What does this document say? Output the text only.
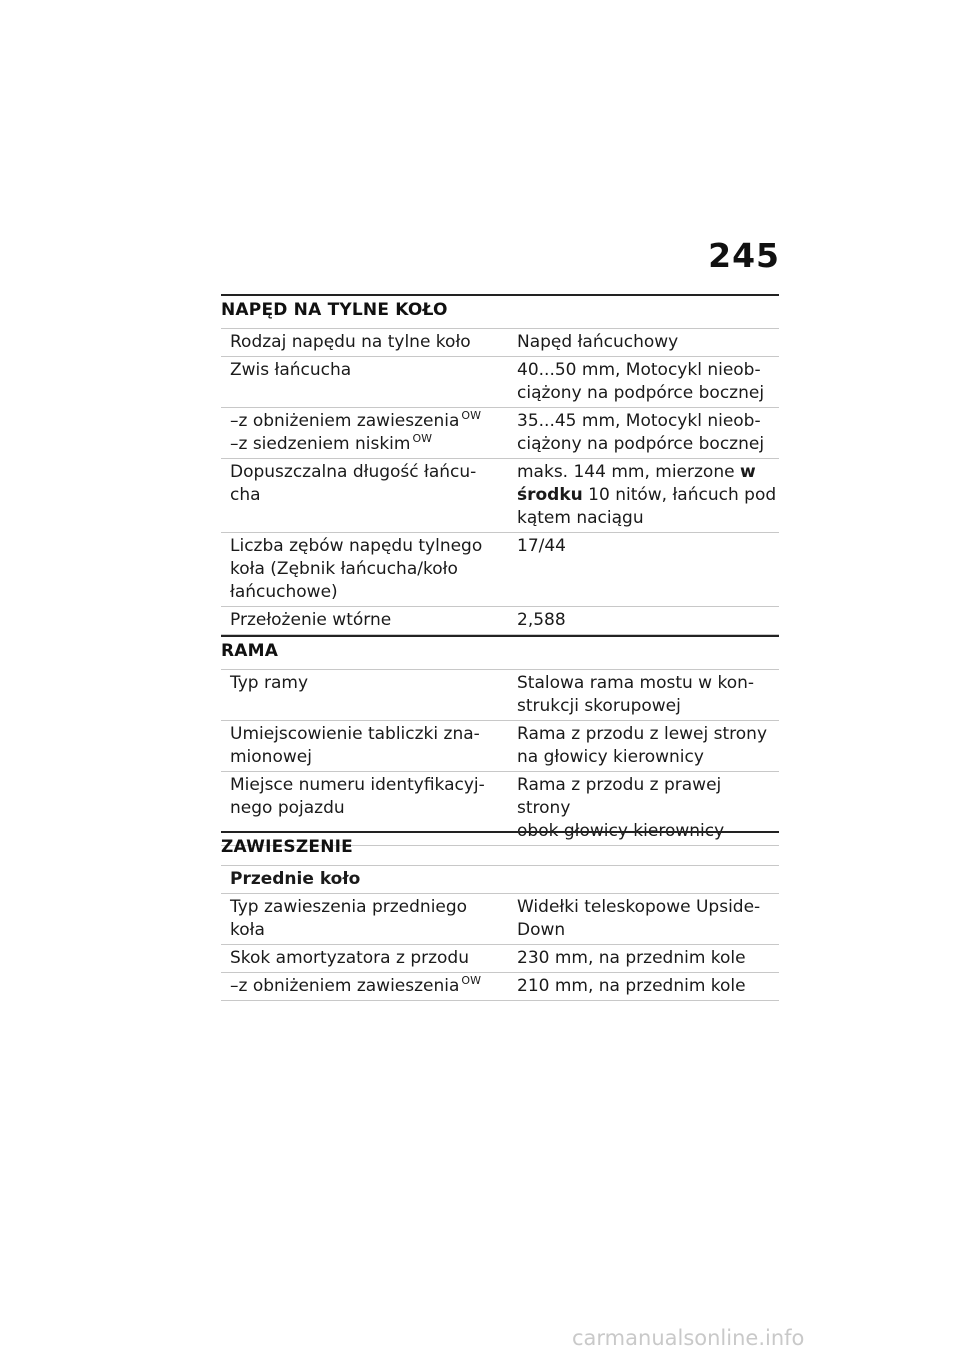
245
NAPĘD NA TYLNE KOŁO
Rodzaj napędu na tylne koło	Napęd łańcuchowy

Zwis łańcucha	40...50 mm, Motocykl nieob-
ciążony na podpórce bocznej

–z obniżeniem zawieszenia $^{OW}$
–z siedzeniem niskim $^{OW}$	35...45 mm, Motocykl nieob-
ciążony na podpórce bocznej

Dopuszczalna długość łańcu-
cha	maks. 144 mm, mierzone w środku 10 nitów, łańcuch pod kątem naciągu

Liczba zębów napędu tylnego
koła (Zębnik łańcucha/koło
łańcuchowe)	17/44

Przełożenie wtórne	2,588
RAMA
Typ ramy	Stalowa rama mostu w kon-
strukcji skorupowej

Umiejscowienie tabliczki zna-
mionowej	Rama z przodu z lewej strony
na głowicy kierownicy

Miejsce numeru identyfikacyj-
nego pojazdu	Rama z przodu z prawej strony
obok głowicy kierownicy
ZAWIESZENIE
Przednie koło	

Typ zawieszenia przedniego
koła	Widełki teleskopowe Upside-
Down

Skok amortyzatora z przodu	230 mm, na przednim kole

–z obniżeniem zawieszenia $^{OW}$	210 mm, na przednim kole
carmanualsonline.info
